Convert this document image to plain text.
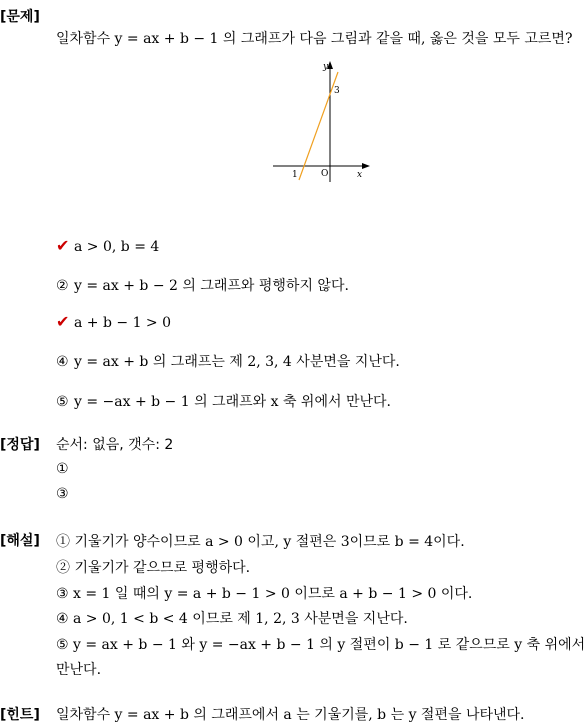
[문제]
일차함수 y = ax + b − 1 의 그래프가 다음 그림과 같을 때, 옳은 것을 모두 고르면?
y
x
O
1
3
✔ a > 0, b = 4
② y = ax + b − 2 의 그래프와 평행하지 않다.
✔ a + b − 1 > 0
④ y = ax + b 의 그래프는 제 2, 3, 4 사분면을 지난다.
⑤ y = −ax + b − 1 의 그래프와 x 축 위에서 만난다.
[정답] 순서: 없음, 갯수: 2
①
③
[해설] ① 기울기가 양수이므로 a > 0 이고, y 절편은 3이므로 b = 4이다.
② 기울기가 같으므로 평행하다.
③ x = 1 일 때의 y = a + b − 1 > 0 이므로 a + b − 1 > 0 이다.
④ a > 0, 1 < b < 4 이므로 제 1, 2, 3 사분면을 지난다.
⑤ y = ax + b − 1 와 y = −ax + b − 1 의 y 절편이 b − 1 로 같으므로 y 축 위에서
만난다.
[힌트] 일차함수 y = ax + b 의 그래프에서 a 는 기울기를, b 는 y 절편을 나타낸다.
